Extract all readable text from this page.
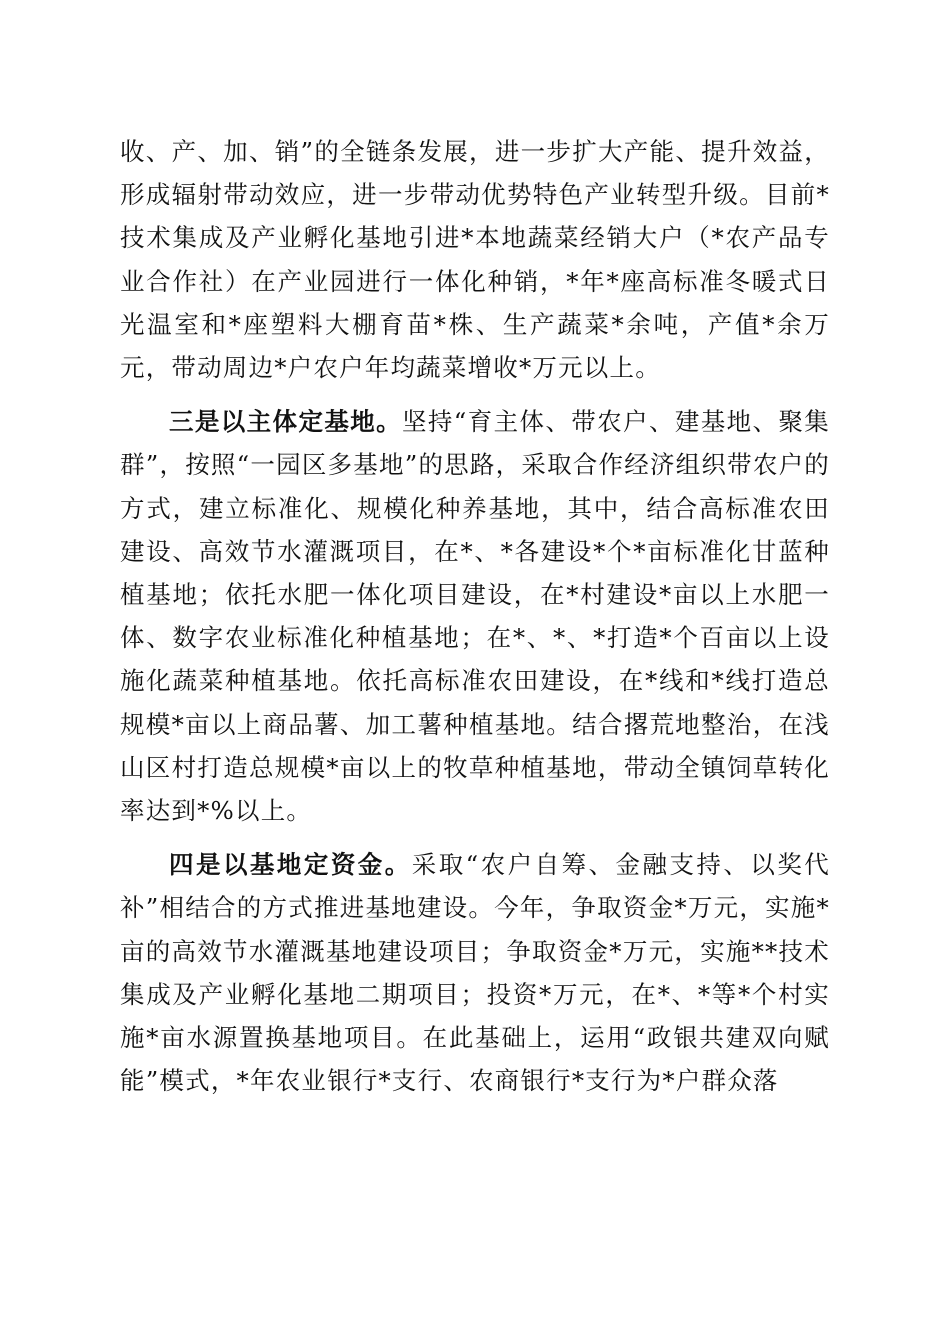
收、产、加、销”的全链条发展，进一步扩大产能、提升效益，形成辐射带动效应，进一步带动优势特色产业转型升级。目前*技术集成及产业孵化基地引进*本地蔬菜经销大户（*农产品专业合作社）在产业园进行一体化种销，*年*座高标准冬暖式日光温室和*座塑料大棚育苗*株、生产蔬菜*余吨，产值*余万元，带动周边*户农户年均蔬菜增收*万元以上。

三是以主体定基地。坚持“育主体、带农户、建基地、聚集群”，按照“一园区多基地”的思路，采取合作经济组织带农户的方式，建立标准化、规模化种养基地，其中，结合高标准农田建设、高效节水灌溉项目，在*、*各建设*个*亩标准化甘蓝种植基地；依托水肥一体化项目建设，在*村建设*亩以上水肥一体、数字农业标准化种植基地；在*、*、*打造*个百亩以上设施化蔬菜种植基地。依托高标准农田建设，在*线和*线打造总规模*亩以上商品薯、加工薯种植基地。结合撂荒地整治，在浅山区村打造总规模*亩以上的牧草种植基地，带动全镇饲草转化率达到*%以上。

四是以基地定资金。采取“农户自筹、金融支持、以奖代补”相结合的方式推进基地建设。今年，争取资金*万元，实施*亩的高效节水灌溉基地建设项目；争取资金*万元，实施**技术集成及产业孵化基地二期项目；投资*万元，在*、*等*个村实施*亩水源置换基地项目。在此基础上，运用“政银共建双向赋能”模式，*年农业银行*支行、农商银行*支行为*户群众落
